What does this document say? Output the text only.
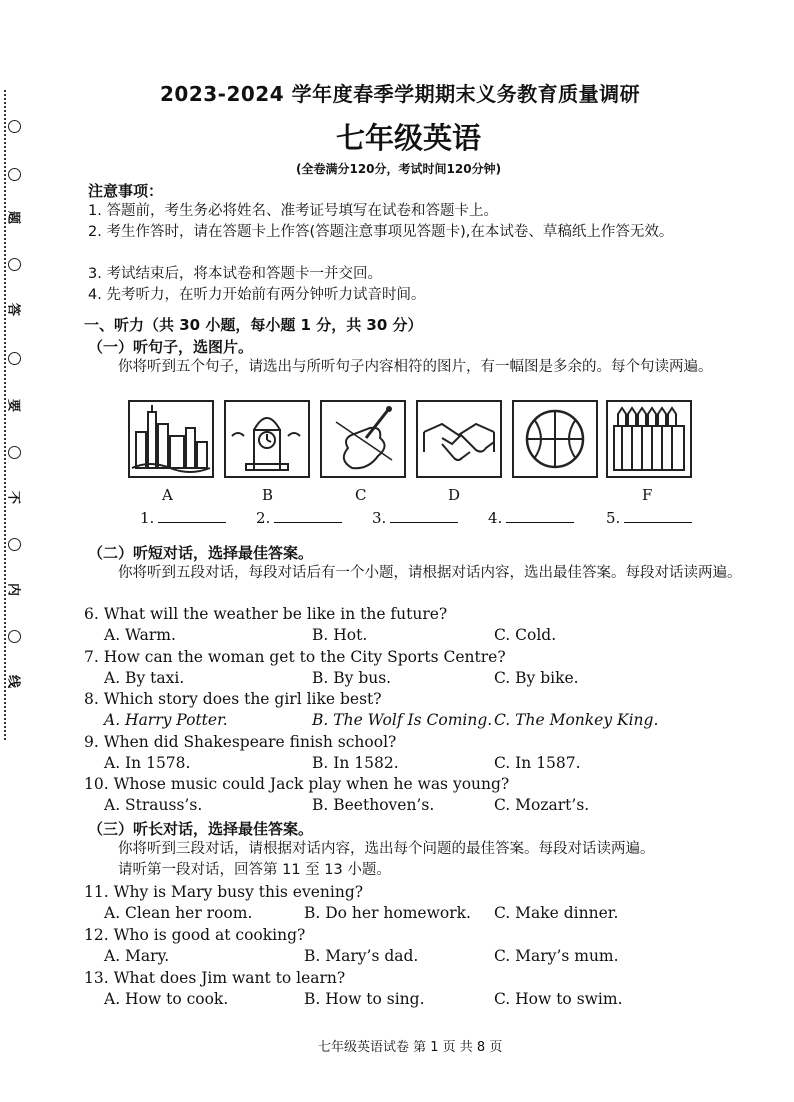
题
答
要
不
内
线
2023-2024 学年度春季学期期末义务教育质量调研
七年级英语
(全卷满分120分，考试时间120分钟)
注意事项：
1. 答题前，考生务必将姓名、准考证号填写在试卷和答题卡上。
2. 考生作答时，请在答题卡上作答(答题注意事项见答题卡),在本试卷、草稿纸上作答无效。
3. 考试结束后，将本试卷和答题卡一并交回。
4. 先考听力，在听力开始前有两分钟听力试音时间。
一、听力（共 30 小题，每小题 1 分，共 30 分）
（一）听句子，选图片。
你将听到五个句子，请选出与所听句子内容相符的图片，有一幅图是多余的。每个句读两遍。
A	B	C	D	F
1.	2.	3.	4.	5.
（二）听短对话，选择最佳答案。
你将听到五段对话，每段对话后有一个小题，请根据对话内容，选出最佳答案。每段对话读两遍。
6. What will the weather be like in the future?
A. Warm.	B. Hot.	C. Cold.
7. How can the woman get to the City Sports Centre?
A. By taxi.	B. By bus.	C. By bike.
8. Which story does the girl like best?
A. Harry Potter.	B. The Wolf Is Coming. C. The Monkey King.
9. When did Shakespeare finish school?
A. In 1578.	B. In 1582.	C. In 1587.
10. Whose music could Jack play when he was young?
A. Strauss’s.	B. Beethoven’s.	C. Mozart’s.
（三）听长对话，选择最佳答案。
你将听到三段对话，请根据对话内容，选出每个问题的最佳答案。每段对话读两遍。
请听第一段对话，回答第 11 至 13 小题。
11. Why is Mary busy this evening?
A. Clean her room.	B. Do her homework. C. Make dinner.
12. Who is good at cooking?
A. Mary.	B. Mary’s dad.	C. Mary’s mum.
13. What does Jim want to learn?
A. How to cook.	B. How to sing.	C. How to swim.
七年级英语试卷 第 1 页 共 8 页
